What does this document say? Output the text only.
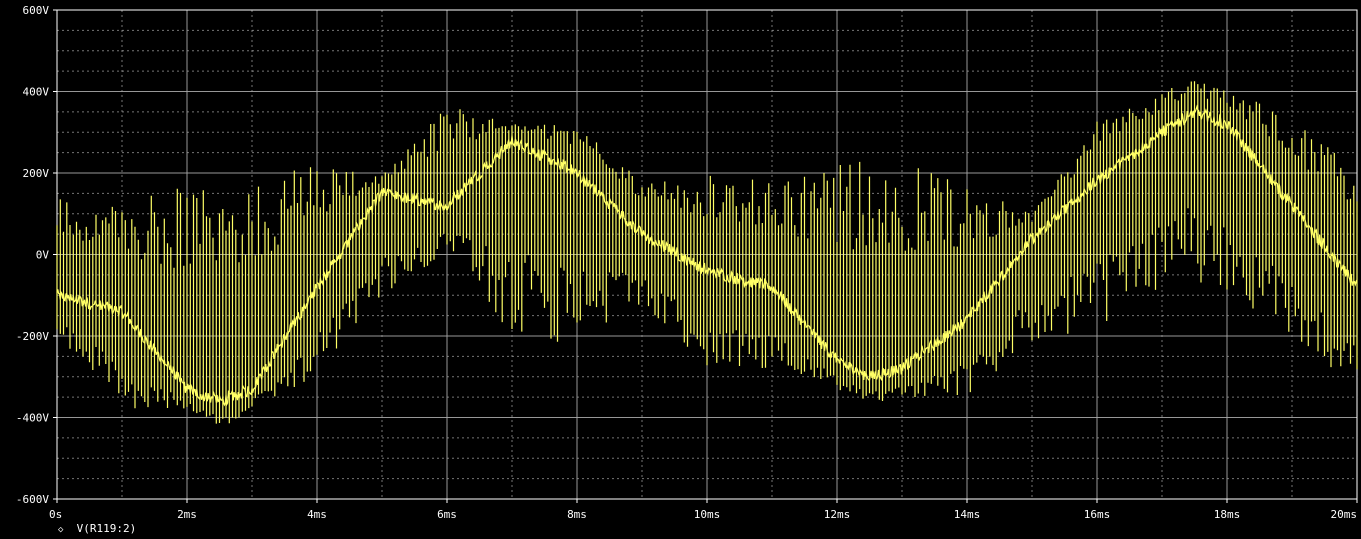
0s	2ms	4ms	6ms	8ms	10ms	12ms	14ms	16ms	18ms	20ms
600V
400V
200V
0V
-200V
-400V
-600V
◇ V(R119:2)
